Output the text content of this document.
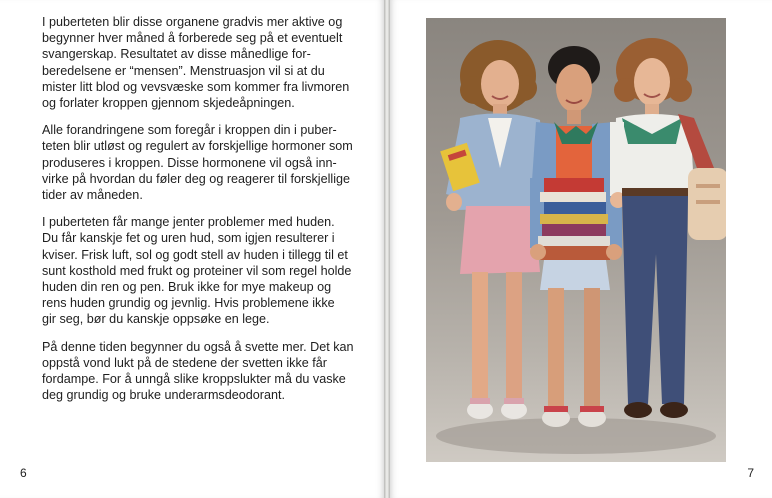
I puberteten blir disse organene gradvis mer aktive og
begynner hver måned å forberede seg på et eventuelt
svangerskap. Resultatet av disse månedlige for-
beredelsene er “mensen”. Menstruasjon vil si at du
mister litt blod og vevsvæske som kommer fra livmoren
og forlater kroppen gjennom skjedeåpningen.

Alle forandringene som foregår i kroppen din i puber-
teten blir utløst og regulert av forskjellige hormoner som
produseres i kroppen. Disse hormonene vil også inn-
virke på hvordan du føler deg og reagerer til forskjellige
tider av måneden.

I puberteten får mange jenter problemer med huden.
Du får kanskje fet og uren hud, som igjen resulterer i
kviser. Frisk luft, sol og godt stell av huden i tillegg til et
sunt kosthold med frukt og proteiner vil som regel holde
huden din ren og pen. Bruk ikke for mye makeup og
rens huden grundig og jevnlig. Hvis problemene ikke
gir seg, bør du kanskje oppsøke en lege.

På denne tiden begynner du også å svette mer. Det kan
oppstå vond lukt på de stedene der svetten ikke får
fordampe. For å unngå slike kroppslukter må du vaske
deg grundig og bruke underarmsdeodorant.

6	7
